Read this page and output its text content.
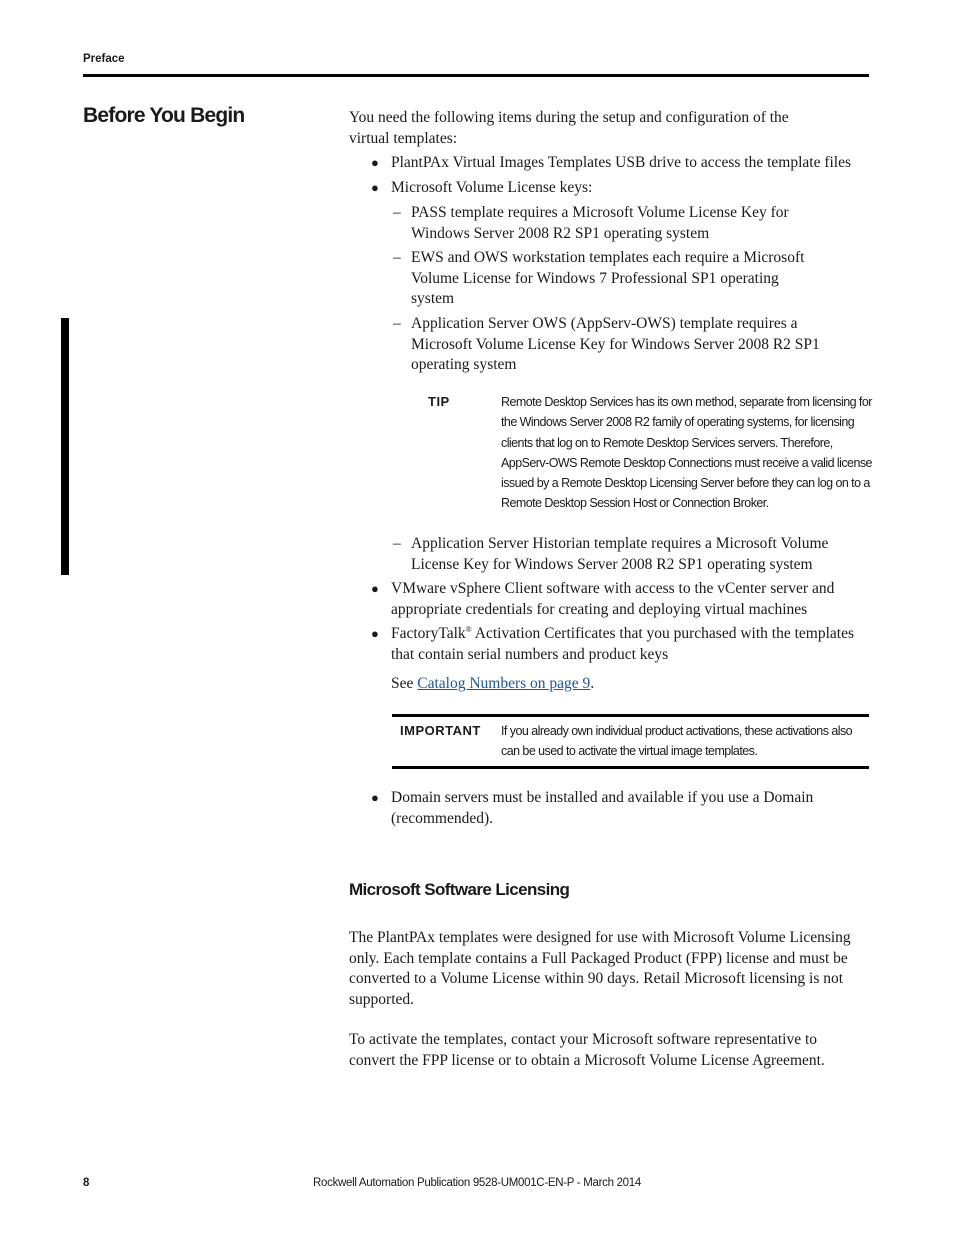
Preface
Before You Begin	You need the following items during the setup and configuration of the virtual templates:
● PlantPAx Virtual Images Templates USB drive to access the template files
● Microsoft Volume License keys:
– PASS template requires a Microsoft Volume License Key for Windows Server 2008 R2 SP1 operating system
– EWS and OWS workstation templates each require a Microsoft Volume License for Windows 7 Professional SP1 operating system
– Application Server OWS (AppServ-OWS) template requires a Microsoft Volume License Key for Windows Server 2008 R2 SP1 operating system
TIP	Remote Desktop Services has its own method, separate from licensing for the Windows Server 2008 R2 family of operating systems, for licensing clients that log on to Remote Desktop Services servers. Therefore, AppServ-OWS Remote Desktop Connections must receive a valid license issued by a Remote Desktop Licensing Server before they can log on to a Remote Desktop Session Host or Connection Broker.
– Application Server Historian template requires a Microsoft Volume License Key for Windows Server 2008 R2 SP1 operating system
● VMware vSphere Client software with access to the vCenter server and appropriate credentials for creating and deploying virtual machines
● FactoryTalk® Activation Certificates that you purchased with the templates that contain serial numbers and product keys
See Catalog Numbers on page 9.
IMPORTANT If you already own individual product activations, these activations also can be used to activate the virtual image templates.
● Domain servers must be installed and available if you use a Domain (recommended).
Microsoft Software Licensing
The PlantPAx templates were designed for use with Microsoft Volume Licensing only. Each template contains a Full Packaged Product (FPP) license and must be converted to a Volume License within 90 days. Retail Microsoft licensing is not supported.
To activate the templates, contact your Microsoft software representative to convert the FPP license or to obtain a Microsoft Volume License Agreement.
8	Rockwell Automation Publication 9528-UM001C-EN-P - March 2014
